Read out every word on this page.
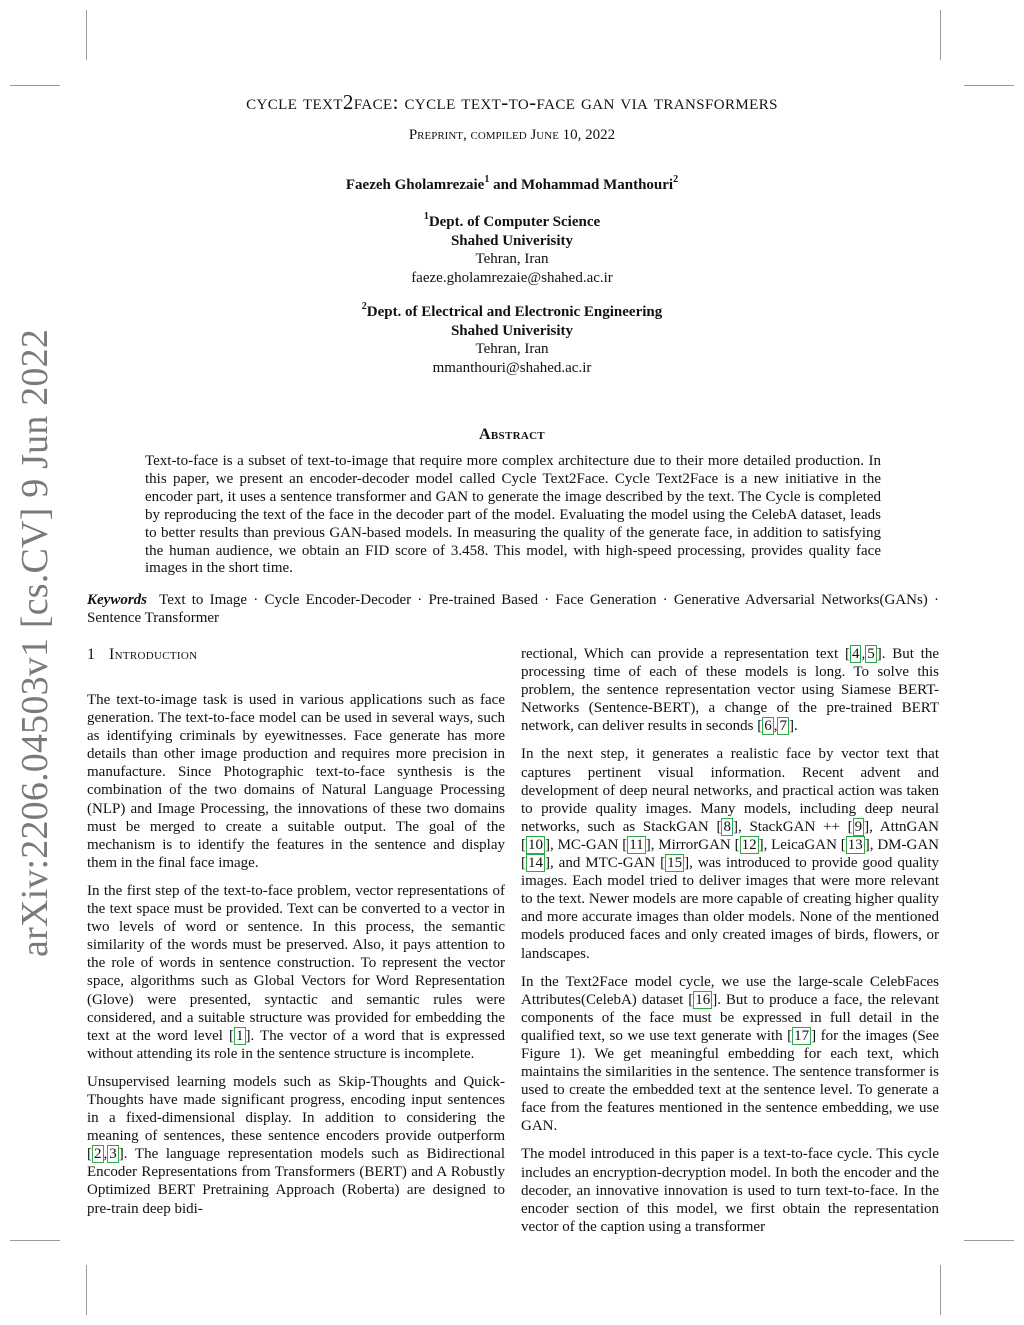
arXiv:2206.04503v1 [cs.CV] 9 Jun 2022
cycle text2face: cycle text-to-face gan via transformers
Preprint, compiled June 10, 2022
Faezeh Gholamrezaie$^1$ and Mohammad Manthouri$^2$
$^1$Dept. of Computer Science
Shahed Univerisity
Tehran, Iran
faeze.gholamrezaie@shahed.ac.ir
$^2$Dept. of Electrical and Electronic Engineering
Shahed Univerisity
Tehran, Iran
mmanthouri@shahed.ac.ir
Abstract
Text-to-face is a subset of text-to-image that require more complex architecture due to their more detailed production. In this paper, we present an encoder-decoder model called Cycle Text2Face. Cycle Text2Face is a new initiative in the encoder part, it uses a sentence transformer and GAN to generate the image described by the text. The Cycle is completed by reproducing the text of the face in the decoder part of the model. Evaluating the model using the CelebA dataset, leads to better results than previous GAN-based models. In measuring the quality of the generate face, in addition to satisfying the human audience, we obtain an FID score of 3.458. This model, with high-speed processing, provides quality face images in the short time.
Keywords Text to Image · Cycle Encoder-Decoder · Pre-trained Based · Face Generation · Generative Adversarial Networks(GANs) · Sentence Transformer
1 Introduction

The text-to-image task is used in various applications such as face generation. The text-to-face model can be used in several ways, such as identifying criminals by eyewitnesses. Face generate has more details than other image production and requires more precision in manufacture. Since Photographic text-to-face synthesis is the combination of the two domains of Natural Language Processing (NLP) and Image Processing, the innovations of these two domains must be merged to create a suitable output. The goal of the mechanism is to identify the features in the sentence and display them in the final face image.

In the first step of the text-to-face problem, vector representations of the text space must be provided. Text can be converted to a vector in two levels of word or sentence. In this process, the semantic similarity of the words must be preserved. Also, it pays attention to the role of words in sentence construction. To represent the vector space, algorithms such as Global Vectors for Word Representation (Glove) were presented, syntactic and semantic rules were considered, and a suitable structure was provided for embedding the text at the word level [ 1 ]. The vector of a word that is expressed without attending its role in the sentence structure is incomplete.

Unsupervised learning models such as Skip-Thoughts and Quick-Thoughts have made significant progress, encoding input sentences in a fixed-dimensional display. In addition to considering the meaning of sentences, these sentence encoders provide outperform [ 2 , 3 ]. The language representation models such as Bidirectional Encoder Representations from Transformers (BERT) and A Robustly Optimized BERT Pretraining Approach (Roberta) are designed to pre-train deep bidi-

rectional, Which can provide a representation text [ 4 , 5 ]. But the processing time of each of these models is long. To solve this problem, the sentence representation vector using Siamese BERT-Networks (Sentence-BERT), a change of the pre-trained BERT network, can deliver results in seconds [ 6 , 7 ].

In the next step, it generates a realistic face by vector text that captures pertinent visual information. Recent advent and development of deep neural networks, and practical action was taken to provide quality images. Many models, including deep neural networks, such as StackGAN [ 8 ], StackGAN ++ [ 9 ], AttnGAN [ 10 ], MC-GAN [ 11 ], MirrorGAN [ 12 ], LeicaGAN [ 13 ], DM-GAN [ 14 ], and MTC-GAN [ 15 ], was introduced to provide good quality images. Each model tried to deliver images that were more relevant to the text. Newer models are more capable of creating higher quality and more accurate images than older models. None of the mentioned models produced faces and only created images of birds, flowers, or landscapes.

In the Text2Face model cycle, we use the large-scale CelebFaces Attributes(CelebA) dataset [ 16 ]. But to produce a face, the relevant components of the face must be expressed in full detail in the qualified text, so we use text generate with [ 17 ] for the images (See Figure 1). We get meaningful embedding for each text, which maintains the similarities in the sentence. The sentence transformer is used to create the embedded text at the sentence level. To generate a face from the features mentioned in the sentence embedding, we use GAN.

The model introduced in this paper is a text-to-face cycle. This cycle includes an encryption-decryption model. In both the encoder and the decoder, an innovative innovation is used to turn text-to-face. In the encoder section of this model, we first obtain the representation vector of the caption using a transformer
